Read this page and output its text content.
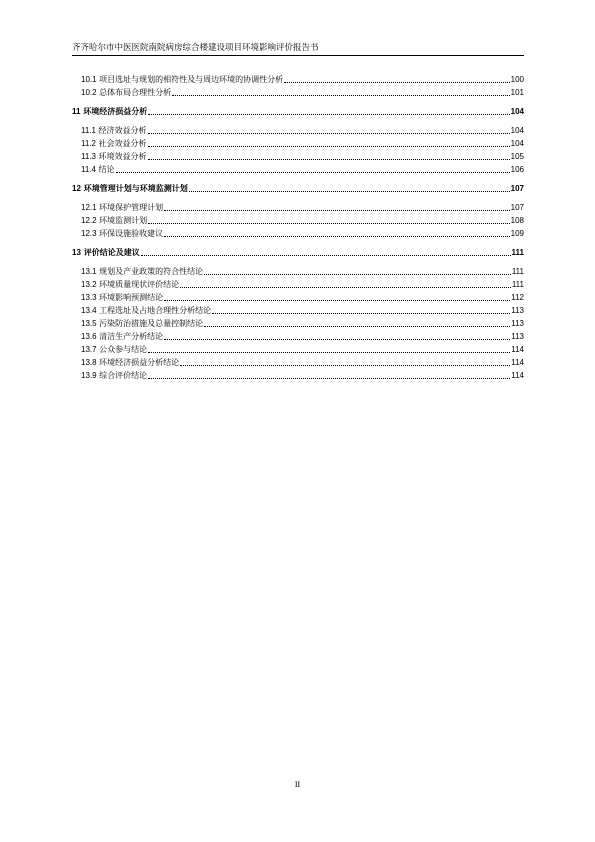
齐齐哈尔市中医医院南院病房综合楼建设项目环境影响评价报告书
10.1 项目选址与规划的相符性及与周边环境的协调性分析	100
10.2 总体布局合理性分析	101
11 环境经济损益分析	104
11.1 经济效益分析	104
11.2 社会效益分析	104
11.3 环境效益分析	105
11.4 结论	106
12 环境管理计划与环境监测计划	107
12.1 环境保护管理计划	107
12.2 环境监测计划	108
12.3 环保设施验收建议	109
13 评价结论及建议	111
13.1 规划及产业政策的符合性结论	111
13.2 环境质量现状评价结论	111
13.3 环境影响预测结论	112
13.4 工程选址及占地合理性分析结论	113
13.5 污染防治措施及总量控制结论	113
13.6 清洁生产分析结论	113
13.7 公众参与结论	114
13.8 环境经济损益分析结论	114
13.9 综合评价结论	114
II
